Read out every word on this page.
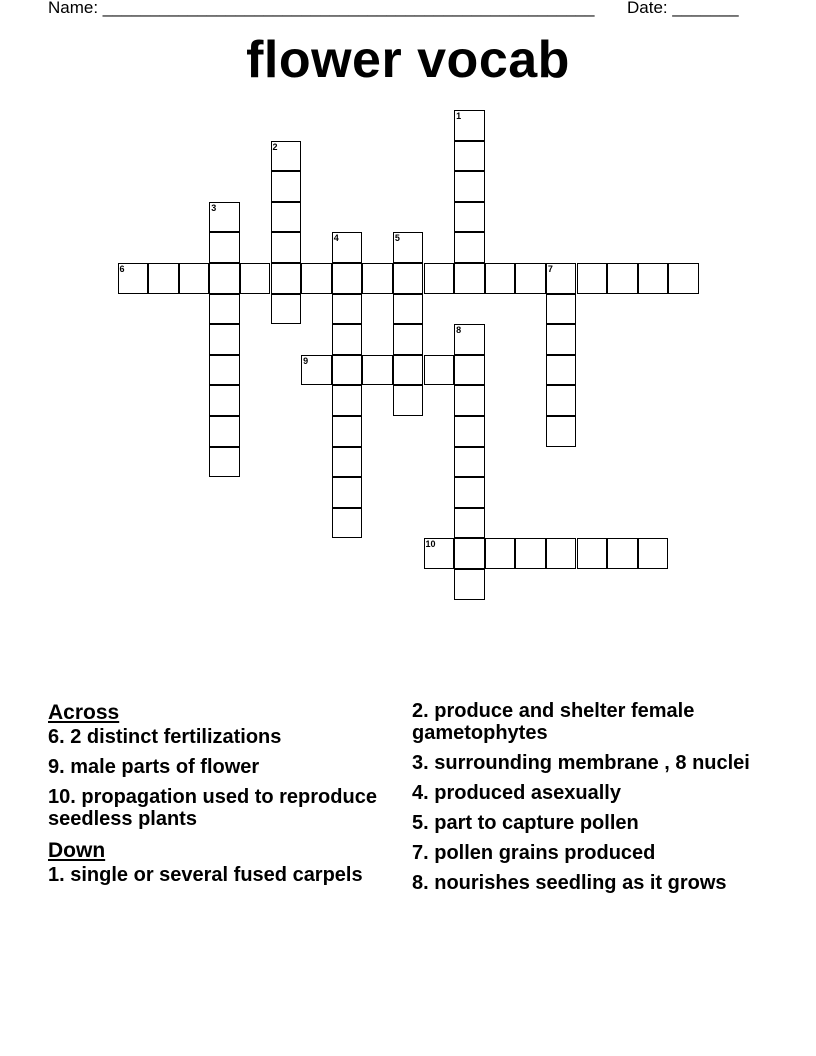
Name: ____________________________________________________ Date: _______
flower vocab
1
2
3
4	5
6	7
8
9
10
Across
6. 2 distinct fertilizations
9. male parts of flower
10. propagation used to reproduce seedless plants
Down
1. single or several fused carpels
2. produce and shelter female gametophytes
3. surrounding membrane , 8 nuclei
4. produced asexually
5. part to capture pollen
7. pollen grains produced
8. nourishes seedling as it grows
